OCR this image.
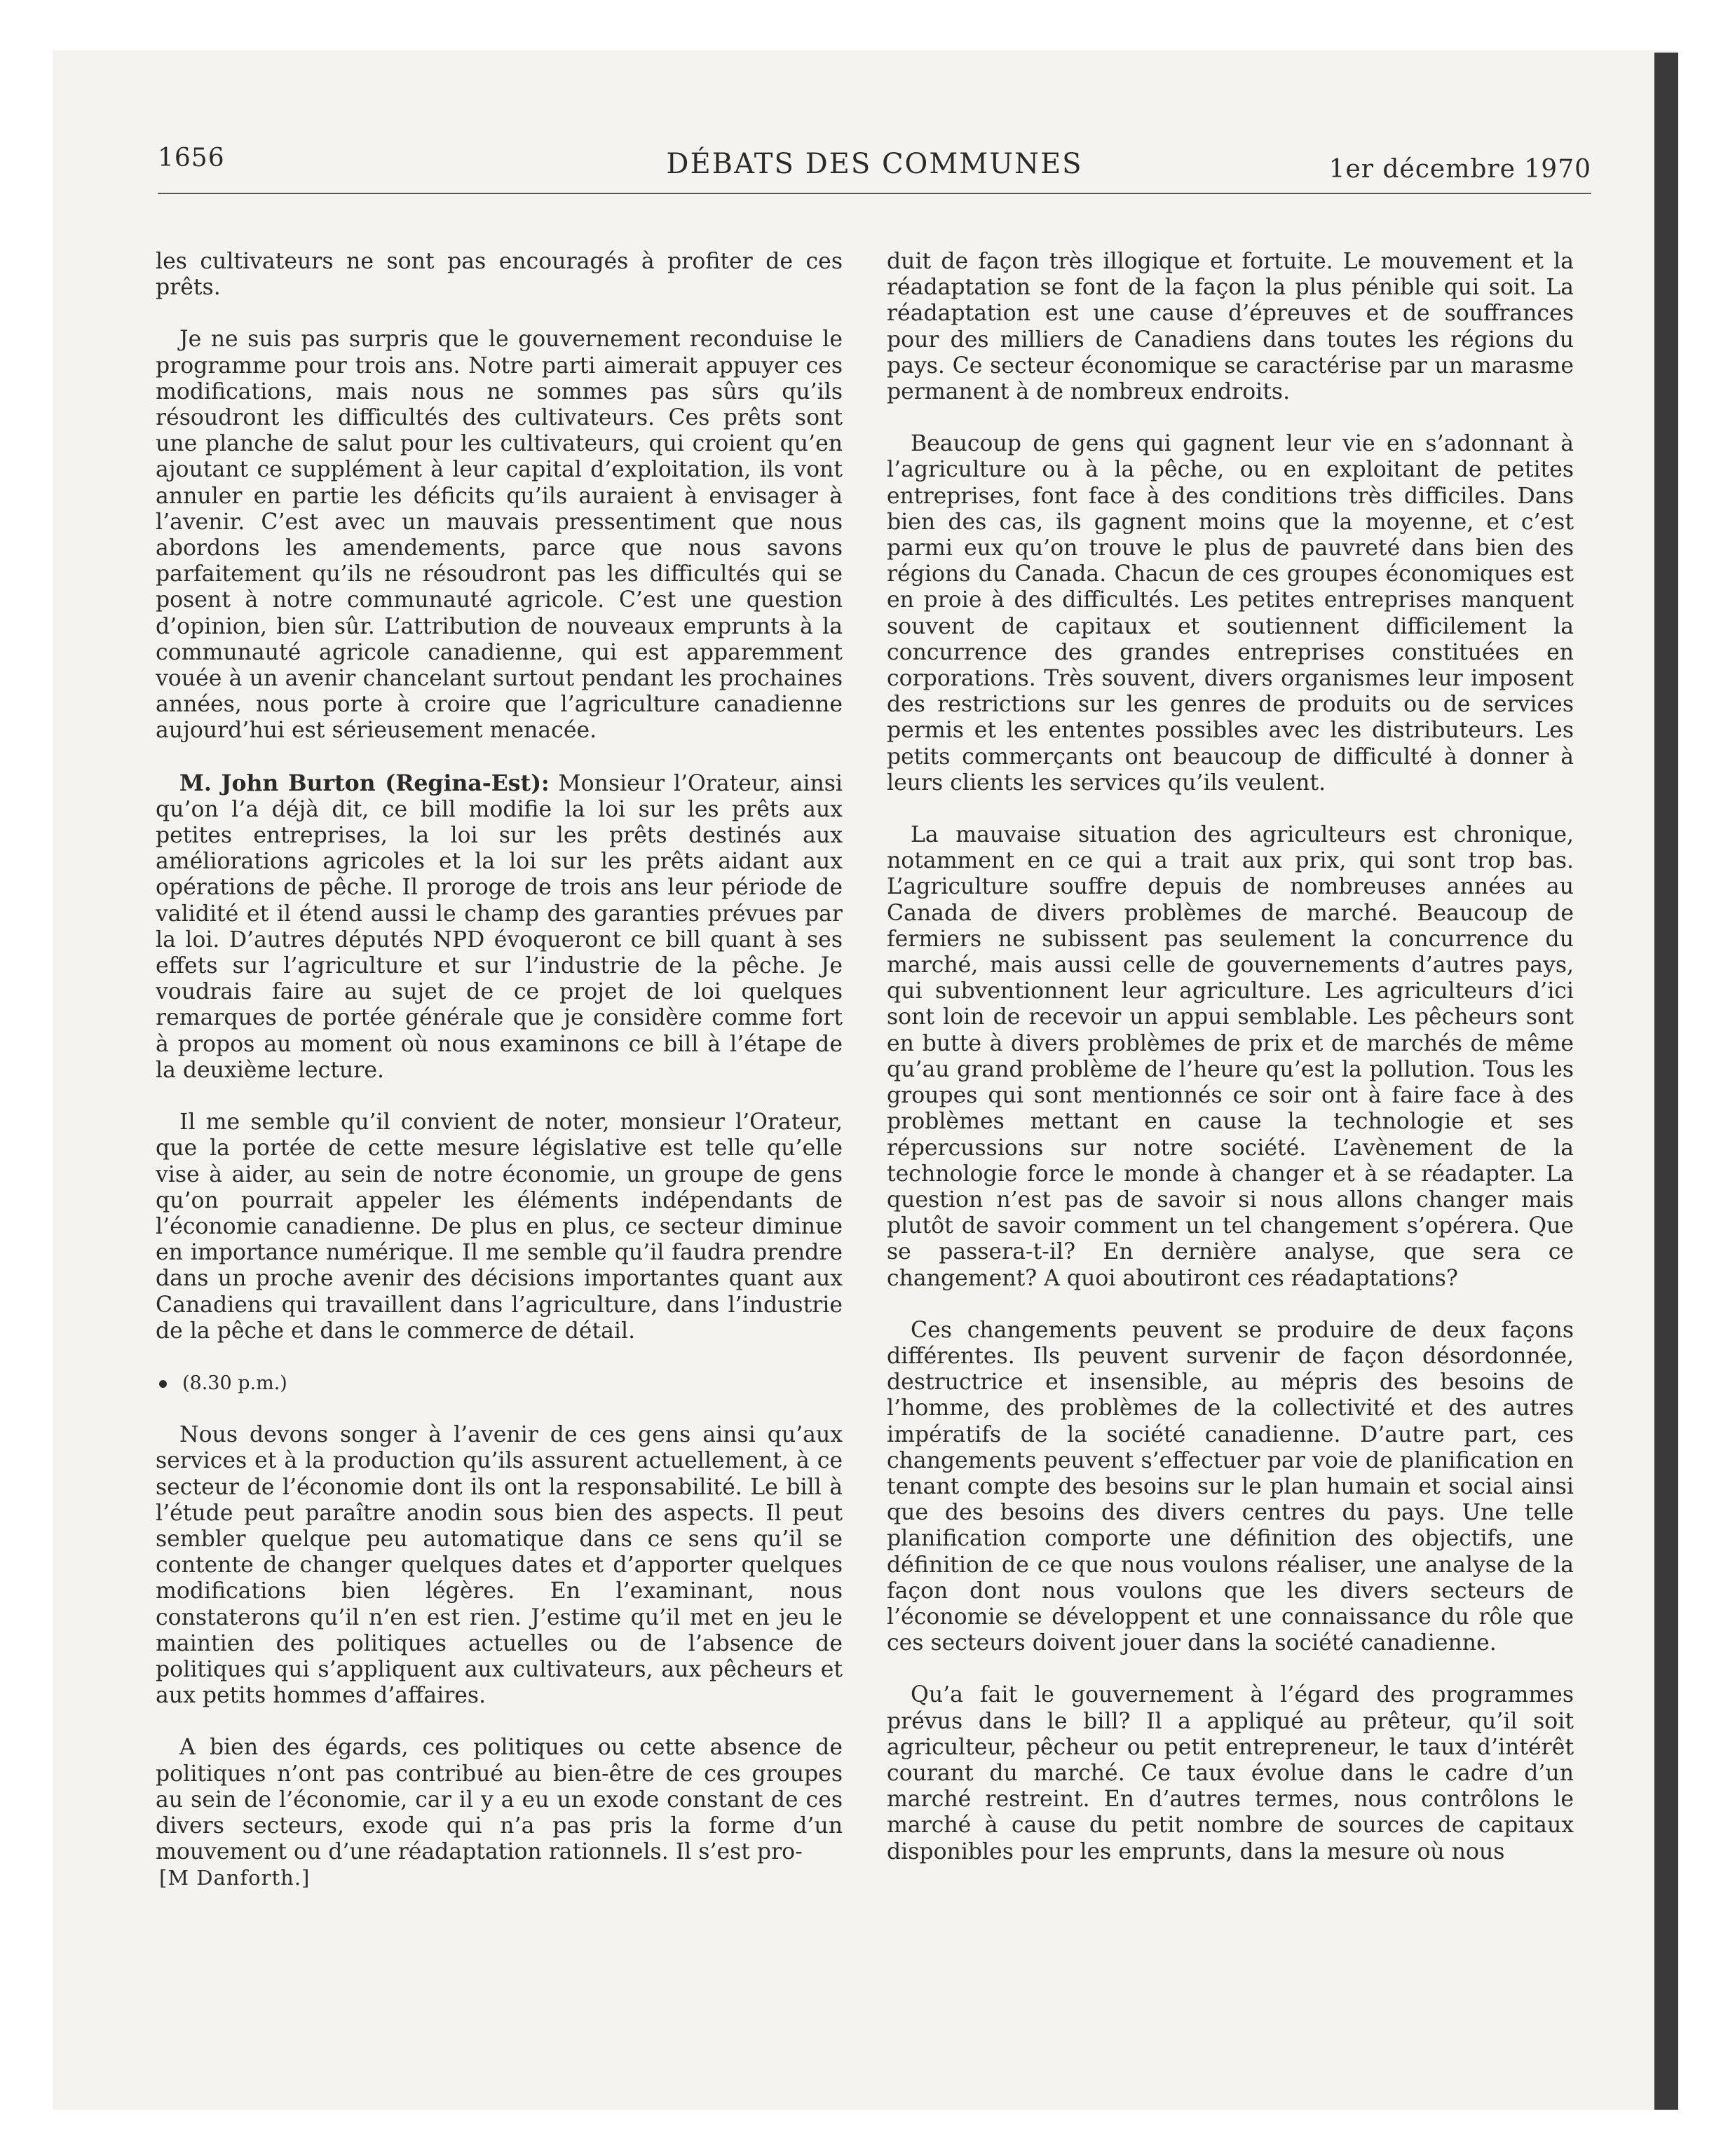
1656	DÉBATS DES COMMUNES	1er décembre 1970

les cultivateurs ne sont pas encouragés à profiter de ces prêts.

Je ne suis pas surpris que le gouvernement reconduise le programme pour trois ans. Notre parti aimerait appuyer ces modifications, mais nous ne sommes pas sûrs qu’ils résoudront les difficultés des cultivateurs. Ces prêts sont une planche de salut pour les cultivateurs, qui croient qu’en ajoutant ce supplément à leur capital d’exploitation, ils vont annuler en partie les déficits qu’ils auraient à envisager à l’avenir. C’est avec un mauvais pressentiment que nous abordons les amendements, parce que nous savons parfaitement qu’ils ne résoudront pas les difficultés qui se posent à notre communauté agricole. C’est une question d’opinion, bien sûr. L’attribution de nouveaux emprunts à la communauté agricole canadienne, qui est apparemment vouée à un avenir chancelant surtout pendant les prochaines années, nous porte à croire que l’agriculture canadienne aujourd’hui est sérieusement menacée.

M. John Burton (Regina-Est): Monsieur l’Orateur, ainsi qu’on l’a déjà dit, ce bill modifie la loi sur les prêts aux petites entreprises, la loi sur les prêts destinés aux améliorations agricoles et la loi sur les prêts aidant aux opérations de pêche. Il proroge de trois ans leur période de validité et il étend aussi le champ des garanties prévues par la loi. D’autres députés NPD évoqueront ce bill quant à ses effets sur l’agriculture et sur l’industrie de la pêche. Je voudrais faire au sujet de ce projet de loi quelques remarques de portée générale que je considère comme fort à propos au moment où nous examinons ce bill à l’étape de la deuxième lecture.

Il me semble qu’il convient de noter, monsieur l’Orateur, que la portée de cette mesure législative est telle qu’elle vise à aider, au sein de notre économie, un groupe de gens qu’on pourrait appeler les éléments indépendants de l’économie canadienne. De plus en plus, ce secteur diminue en importance numérique. Il me semble qu’il faudra prendre dans un proche avenir des décisions importantes quant aux Canadiens qui travaillent dans l’agriculture, dans l’industrie de la pêche et dans le commerce de détail.

(8.30 p.m.)

Nous devons songer à l’avenir de ces gens ainsi qu’aux services et à la production qu’ils assurent actuellement, à ce secteur de l’économie dont ils ont la responsabilité. Le bill à l’étude peut paraître anodin sous bien des aspects. Il peut sembler quelque peu automatique dans ce sens qu’il se contente de changer quelques dates et d’apporter quelques modifications bien légères. En l’examinant, nous constaterons qu’il n’en est rien. J’estime qu’il met en jeu le maintien des politiques actuelles ou de l’absence de politiques qui s’appliquent aux cultivateurs, aux pêcheurs et aux petits hommes d’affaires.

A bien des égards, ces politiques ou cette absence de politiques n’ont pas contribué au bien-être de ces groupes au sein de l’économie, car il y a eu un exode constant de ces divers secteurs, exode qui n’a pas pris la forme d’un mouvement ou d’une réadaptation rationnels. Il s’est pro-

[M Danforth.]

duit de façon très illogique et fortuite. Le mouvement et la réadaptation se font de la façon la plus pénible qui soit. La réadaptation est une cause d’épreuves et de souffrances pour des milliers de Canadiens dans toutes les régions du pays. Ce secteur économique se caractérise par un marasme permanent à de nombreux endroits.

Beaucoup de gens qui gagnent leur vie en s’adonnant à l’agriculture ou à la pêche, ou en exploitant de petites entreprises, font face à des conditions très difficiles. Dans bien des cas, ils gagnent moins que la moyenne, et c’est parmi eux qu’on trouve le plus de pauvreté dans bien des régions du Canada. Chacun de ces groupes économiques est en proie à des difficultés. Les petites entreprises manquent souvent de capitaux et soutiennent difficilement la concurrence des grandes entreprises constituées en corporations. Très souvent, divers organismes leur imposent des restrictions sur les genres de produits ou de services permis et les ententes possibles avec les distributeurs. Les petits commerçants ont beaucoup de difficulté à donner à leurs clients les services qu’ils veulent.

La mauvaise situation des agriculteurs est chronique, notamment en ce qui a trait aux prix, qui sont trop bas. L’agriculture souffre depuis de nombreuses années au Canada de divers problèmes de marché. Beaucoup de fermiers ne subissent pas seulement la concurrence du marché, mais aussi celle de gouvernements d’autres pays, qui subventionnent leur agriculture. Les agriculteurs d’ici sont loin de recevoir un appui semblable. Les pêcheurs sont en butte à divers problèmes de prix et de marchés de même qu’au grand problème de l’heure qu’est la pollution. Tous les groupes qui sont mentionnés ce soir ont à faire face à des problèmes mettant en cause la technologie et ses répercussions sur notre société. L’avènement de la technologie force le monde à changer et à se réadapter. La question n’est pas de savoir si nous allons changer mais plutôt de savoir comment un tel changement s’opérera. Que se passera-t-il? En dernière analyse, que sera ce changement? A quoi aboutiront ces réadaptations?

Ces changements peuvent se produire de deux façons différentes. Ils peuvent survenir de façon désordonnée, destructrice et insensible, au mépris des besoins de l’homme, des problèmes de la collectivité et des autres impératifs de la société canadienne. D’autre part, ces changements peuvent s’effectuer par voie de planification en tenant compte des besoins sur le plan humain et social ainsi que des besoins des divers centres du pays. Une telle planification comporte une définition des objectifs, une définition de ce que nous voulons réaliser, une analyse de la façon dont nous voulons que les divers secteurs de l’économie se développent et une connaissance du rôle que ces secteurs doivent jouer dans la société canadienne.

Qu’a fait le gouvernement à l’égard des programmes prévus dans le bill? Il a appliqué au prêteur, qu’il soit agriculteur, pêcheur ou petit entrepreneur, le taux d’intérêt courant du marché. Ce taux évolue dans le cadre d’un marché restreint. En d’autres termes, nous contrôlons le marché à cause du petit nombre de sources de capitaux disponibles pour les emprunts, dans la mesure où nous
